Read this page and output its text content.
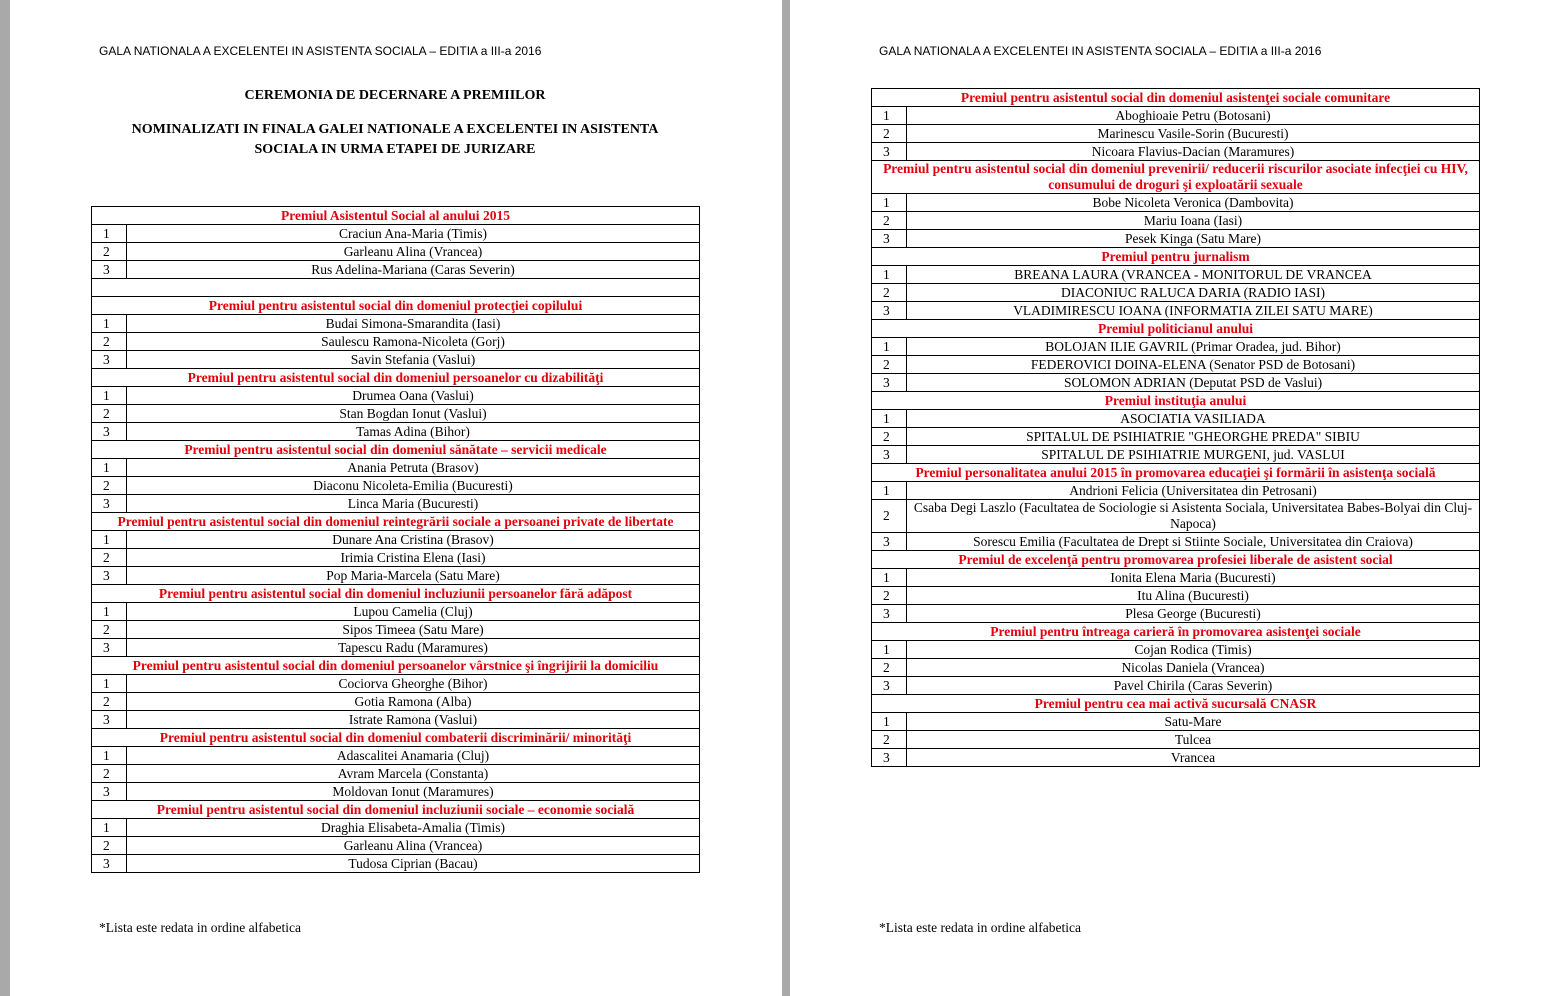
GALA NATIONALA A EXCELENTEI IN ASISTENTA SOCIALA – EDITIA a III-a 2016
CEREMONIA DE DECERNARE A PREMIILOR
NOMINALIZATI IN FINALA GALEI NATIONALE A EXCELENTEI IN ASISTENTA
SOCIALA IN URMA ETAPEI DE JURIZARE
Premiul Asistentul Social al anului 2015	
1	Craciun Ana-Maria (Timis)
2	Garleanu Alina (Vrancea)
3	Rus Adelina-Mariana (Caras Severin)

Premiul pentru asistentul social din domeniul protecţiei copilului	
1	Budai Simona-Smarandita (Iasi)
2	Saulescu Ramona-Nicoleta (Gorj)
3	Savin Stefania (Vaslui)
Premiul pentru asistentul social din domeniul persoanelor cu dizabilităţi	
1	Drumea Oana (Vaslui)
2	Stan Bogdan Ionut (Vaslui)
3	Tamas Adina (Bihor)
Premiul pentru asistentul social din domeniul sănătate – servicii medicale	
1	Anania Petruta (Brasov)
2	Diaconu Nicoleta-Emilia (Bucuresti)
3	Linca Maria (Bucuresti)
Premiul pentru asistentul social din domeniul reintegrării sociale a persoanei private de libertate	
1	Dunare Ana Cristina (Brasov)
2	Irimia Cristina Elena (Iasi)
3	Pop Maria-Marcela (Satu Mare)
Premiul pentru asistentul social din domeniul incluziunii persoanelor fără adăpost	
1	Lupou Camelia (Cluj)
2	Sipos Timeea (Satu Mare)
3	Tapescu Radu (Maramures)
Premiul pentru asistentul social din domeniul persoanelor vârstnice şi îngrijirii la domiciliu	
1	Cociorva Gheorghe (Bihor)
2	Gotia Ramona (Alba)
3	Istrate Ramona (Vaslui)
Premiul pentru asistentul social din domeniul combaterii discriminării/ minorităţi	
1	Adascalitei Anamaria (Cluj)
2	Avram Marcela (Constanta)
3	Moldovan Ionut (Maramures)
Premiul pentru asistentul social din domeniul incluziunii sociale – economie socială	
1	Draghia Elisabeta-Amalia (Timis)
2	Garleanu Alina (Vrancea)
3	Tudosa Ciprian (Bacau)
*Lista este redata in ordine alfabetica
GALA NATIONALA A EXCELENTEI IN ASISTENTA SOCIALA – EDITIA a III-a 2016
Premiul pentru asistentul social din domeniul asistenţei sociale comunitare	
1	Aboghioaie Petru (Botosani)
2	Marinescu Vasile-Sorin (Bucuresti)
3	Nicoara Flavius-Dacian (Maramures)
Premiul pentru asistentul social din domeniul prevenirii/ reducerii riscurilor asociate infecţiei cu HIV, consumului de droguri şi exploatării sexuale	
1	Bobe Nicoleta Veronica (Dambovita)
2	Mariu Ioana (Iasi)
3	Pesek Kinga (Satu Mare)
Premiul pentru jurnalism	
1	BREANA LAURA (VRANCEA - MONITORUL DE VRANCEA
2	DIACONIUC RALUCA DARIA (RADIO IASI)
3	VLADIMIRESCU IOANA (INFORMATIA ZILEI SATU MARE)
Premiul politicianul anului	
1	BOLOJAN ILIE GAVRIL (Primar Oradea, jud. Bihor)
2	FEDEROVICI DOINA-ELENA (Senator PSD de Botosani)
3	SOLOMON ADRIAN (Deputat PSD de Vaslui)
Premiul instituţia anului	
1	ASOCIATIA VASILIADA
2	SPITALUL DE PSIHIATRIE "GHEORGHE PREDA" SIBIU
3	SPITALUL DE PSIHIATRIE MURGENI, jud. VASLUI
Premiul personalitatea anului 2015 în promovarea educaţiei şi formării în asistenţa socială	
1	Andrioni Felicia (Universitatea din Petrosani)
2	Csaba Degi Laszlo (Facultatea de Sociologie si Asistenta Sociala, Universitatea Babes-Bolyai din Cluj-Napoca)
3	Sorescu Emilia (Facultatea de Drept si Stiinte Sociale, Universitatea din Craiova)
Premiul de excelenţă pentru promovarea profesiei liberale de asistent social	
1	Ionita Elena Maria (Bucuresti)
2	Itu Alina (Bucuresti)
3	Plesa George (Bucuresti)
Premiul pentru întreaga carieră în promovarea asistenţei sociale	
1	Cojan Rodica (Timis)
2	Nicolas Daniela (Vrancea)
3	Pavel Chirila (Caras Severin)
Premiul pentru cea mai activă sucursală CNASR	
1	Satu-Mare
2	Tulcea
3	Vrancea
*Lista este redata in ordine alfabetica
